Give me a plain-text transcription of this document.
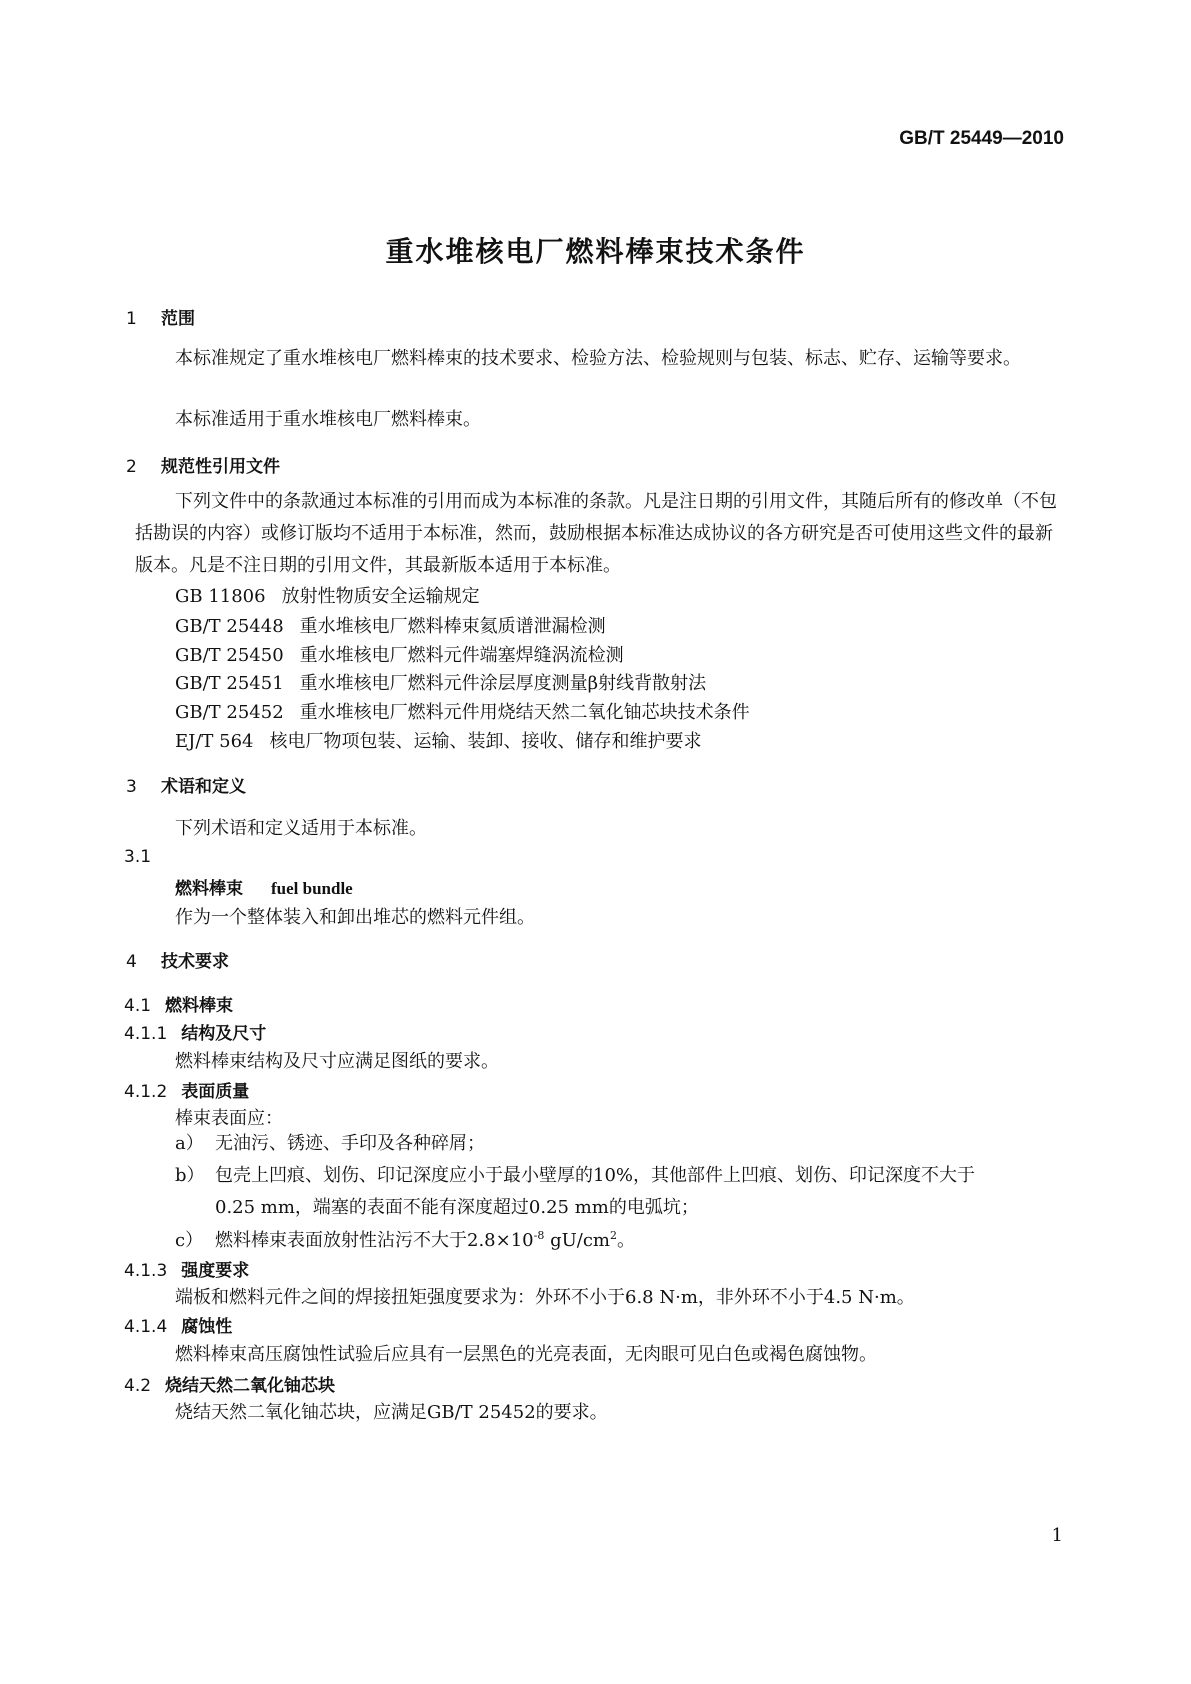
GB/T 25449—2010
重水堆核电厂燃料棒束技术条件
1 范围
本标准规定了重水堆核电厂燃料棒束的技术要求、检验方法、检验规则与包装、标志、贮存、运输等要求。
本标准适用于重水堆核电厂燃料棒束。
2 规范性引用文件
下列文件中的条款通过本标准的引用而成为本标准的条款。凡是注日期的引用文件，其随后所有的修改单（不包括勘误的内容）或修订版均不适用于本标准，然而，鼓励根据本标准达成协议的各方研究是否可使用这些文件的最新版本。凡是不注日期的引用文件，其最新版本适用于本标准。
GB 11806 放射性物质安全运输规定
GB/T 25448 重水堆核电厂燃料棒束氦质谱泄漏检测
GB/T 25450 重水堆核电厂燃料元件端塞焊缝涡流检测
GB/T 25451 重水堆核电厂燃料元件涂层厚度测量β射线背散射法
GB/T 25452 重水堆核电厂燃料元件用烧结天然二氧化铀芯块技术条件
EJ/T 564 核电厂物项包装、运输、装卸、接收、储存和维护要求
3 术语和定义
下列术语和定义适用于本标准。
3.1
燃料棒束 fuel bundle
作为一个整体装入和卸出堆芯的燃料元件组。
4 技术要求
4.1 燃料棒束
4.1.1 结构及尺寸
燃料棒束结构及尺寸应满足图纸的要求。
4.1.2 表面质量
棒束表面应：
a） 无油污、锈迹、手印及各种碎屑；
b） 包壳上凹痕、划伤、印记深度应小于最小壁厚的10%，其他部件上凹痕、划伤、印记深度不大于
0.25 mm，端塞的表面不能有深度超过0.25 mm的电弧坑；
c） 燃料棒束表面放射性沾污不大于$2.8\times 10^{-8}$ $gU/cm^2$。
4.1.3 强度要求
端板和燃料元件之间的焊接扭矩强度要求为：外环不小于6.8 N·m，非外环不小于4.5 N·m。
4.1.4 腐蚀性
燃料棒束高压腐蚀性试验后应具有一层黑色的光亮表面，无肉眼可见白色或褐色腐蚀物。
4.2 烧结天然二氧化铀芯块
烧结天然二氧化铀芯块，应满足GB/T 25452的要求。
1
